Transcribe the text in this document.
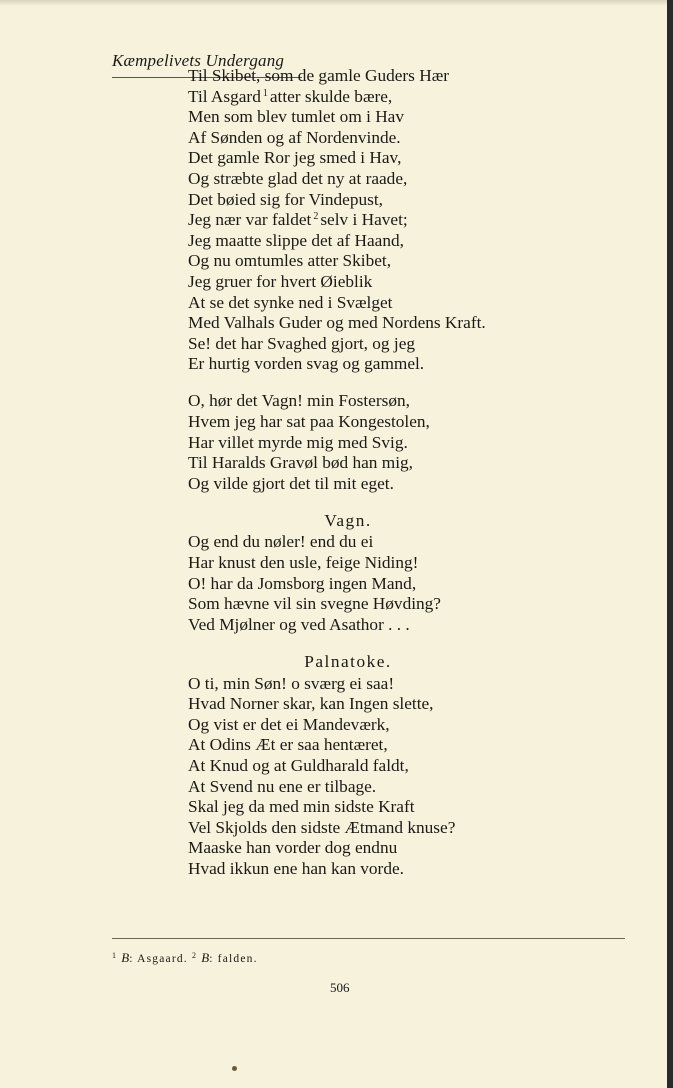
Kæmpelivets Undergang
Til Skibet, som de gamle Guders Hær
Til Asgard $^1$ atter skulde bære,
Men som blev tumlet om i Hav
Af Sønden og af Nordenvinde.
Det gamle Ror jeg smed i Hav,
Og stræbte glad det ny at raade,
Det bøied sig for Vindepust,
Jeg nær var faldet $^2$ selv i Havet;
Jeg maatte slippe det af Haand,
Og nu omtumles atter Skibet,
Jeg gruer for hvert Øieblik
At se det synke ned i Svælget
Med Valhals Guder og med Nordens Kraft.
Se! det har Svaghed gjort, og jeg
Er hurtig vorden svag og gammel.
O, hør det Vagn! min Fostersøn,
Hvem jeg har sat paa Kongestolen,
Har villet myrde mig med Svig.
Til Haralds Gravøl bød han mig,
Og vilde gjort det til mit eget.
Vagn.
Og end du nøler! end du ei
Har knust den usle, feige Niding!
O! har da Jomsborg ingen Mand,
Som hævne vil sin svegne Høvding?
Ved Mjølner og ved Asathor . . .
Palnatoke.
O ti, min Søn! o sværg ei saa!
Hvad Norner skar, kan Ingen slette,
Og vist er det ei Mandeværk,
At Odins Æt er saa hentæret,
At Knud og at Guldharald faldt,
At Svend nu ene er tilbage.
Skal jeg da med min sidste Kraft
Vel Skjolds den sidste Ætmand knuse?
Maaske han vorder dog endnu
Hvad ikkun ene han kan vorde.
$^1$ B: Asgaard. $^2$ B: falden.
506
